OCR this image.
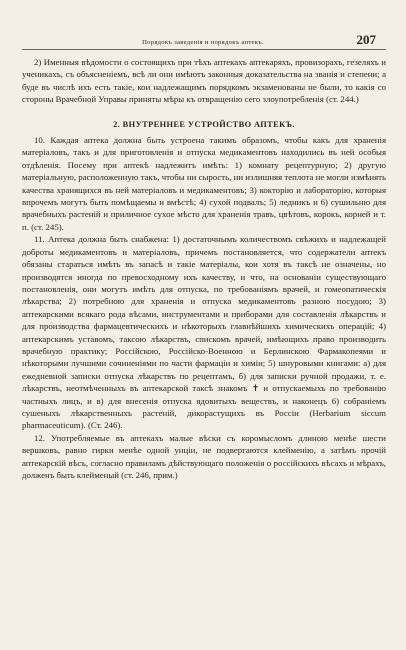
Порядокъ заведенія и порядокъ аптекъ.	207

2) Именныя вѣдомости о состоящихъ при тѣхъ аптекахъ аптекаряхъ, провизорахъ, гезеляхъ и ученикахъ, съ объясненіемъ, всѣ ли они имѣютъ законныя доказательства на званія и степени; а буде въ числѣ ихъ есть такіе, кои надлежащимъ порядкомъ экзаменованы не были, то какія со стороны Врачебной Управы приняты мѣры къ отвращенію сего злоупотребленія (ст. 244.)

2. ВНУТРЕННЕЕ УСТРОЙСТВО АПТЕКЪ.

10. Каждая аптека должна быть устроена такимъ образомъ, чтобы какъ для храненія матеріаловъ, такъ и для приготовленія и отпуска медикаментовъ находились въ ней особыя отдѣленія. Посему при аптекѣ надлежитъ имѣть: 1) комнату рецептурную; 2) другую матеріальную, расположенную такъ, чтобы ни сырость, ни излишняя теплота не могли измѣнять качества хранящихся въ ней матеріаловъ и медикаментовъ; 3) кокторію и лабораторію, которыя впрочемъ могутъ быть помѣщаемы и вмѣстѣ; 4) сухой подвалъ; 5) ледникъ и 6) сушильню для врачебныхъ растеній и приличное сухое мѣсто для храненія травъ, цвѣтовъ, корокъ, корней и т. п. (ст. 245).

11. Аптека должна быть снабжена: 1) достаточнымъ количествомъ свѣжихъ и надлежащей доброты медикаментовъ и матеріаловъ, причемъ постановляется, что содержатели аптекъ обязаны стараться имѣть въ запасѣ и такіе матеріалы, кои хотя въ таксѣ не означены, но производятся иногда по превосходному ихъ качеству, и что, на основаніи существующаго постановленія, они могутъ имѣть для отпуска, по требованіямъ врачей, и гомеопатическія лѣкарства; 2) потребною для храненія и отпуска медикаментовъ разною посудою; 3) аптекарскими всякаго рода вѣсами, инструментами и приборами для составленія лѣкарствъ и для производства фармацевтическихъ и нѣкоторыхъ главнѣйшихъ химическихъ операцій; 4) аптекарскимъ уставомъ, таксою лѣкарствъ, спискомъ врачей, имѣющихъ право производить врачебную практику; Россійскою, Россійско-Военною и Берлинскою Фармакопеями и нѣкоторыми лучшими сочиненіями по части фармаціи и химіи; 5) шнуровыми книгами: а) для ежедневной записки отпуска лѣкарствъ по рецептамъ, б) для записки ручной продажи, т. е. лѣкарствъ, неотмѣченныхъ въ аптекарской таксѣ знакомъ ✝ и отпускаемыхъ по требованію частныхъ лицъ, и в) для внесенія отпуска ядовитыхъ веществъ, и наконецъ 6) собраніемъ сушеныхъ лѣкарственныхъ растеній, дикорастущихъ въ Россіи (Herbarium siccum pharmaceuticum). (Ст. 246).

12. Употребляемые въ аптекахъ малые вѣски съ коромысломъ длиною менѣе шести вершковъ, равно гирки менѣе одной унціи, не подвергаются клейменію, а затѣмъ прочій аптекарскій вѣсъ, согласно правиламъ дѣйствующаго положенія о россійскихъ вѣсахъ и мѣрахъ, долженъ быть клейменый (ст. 246, прим.)
